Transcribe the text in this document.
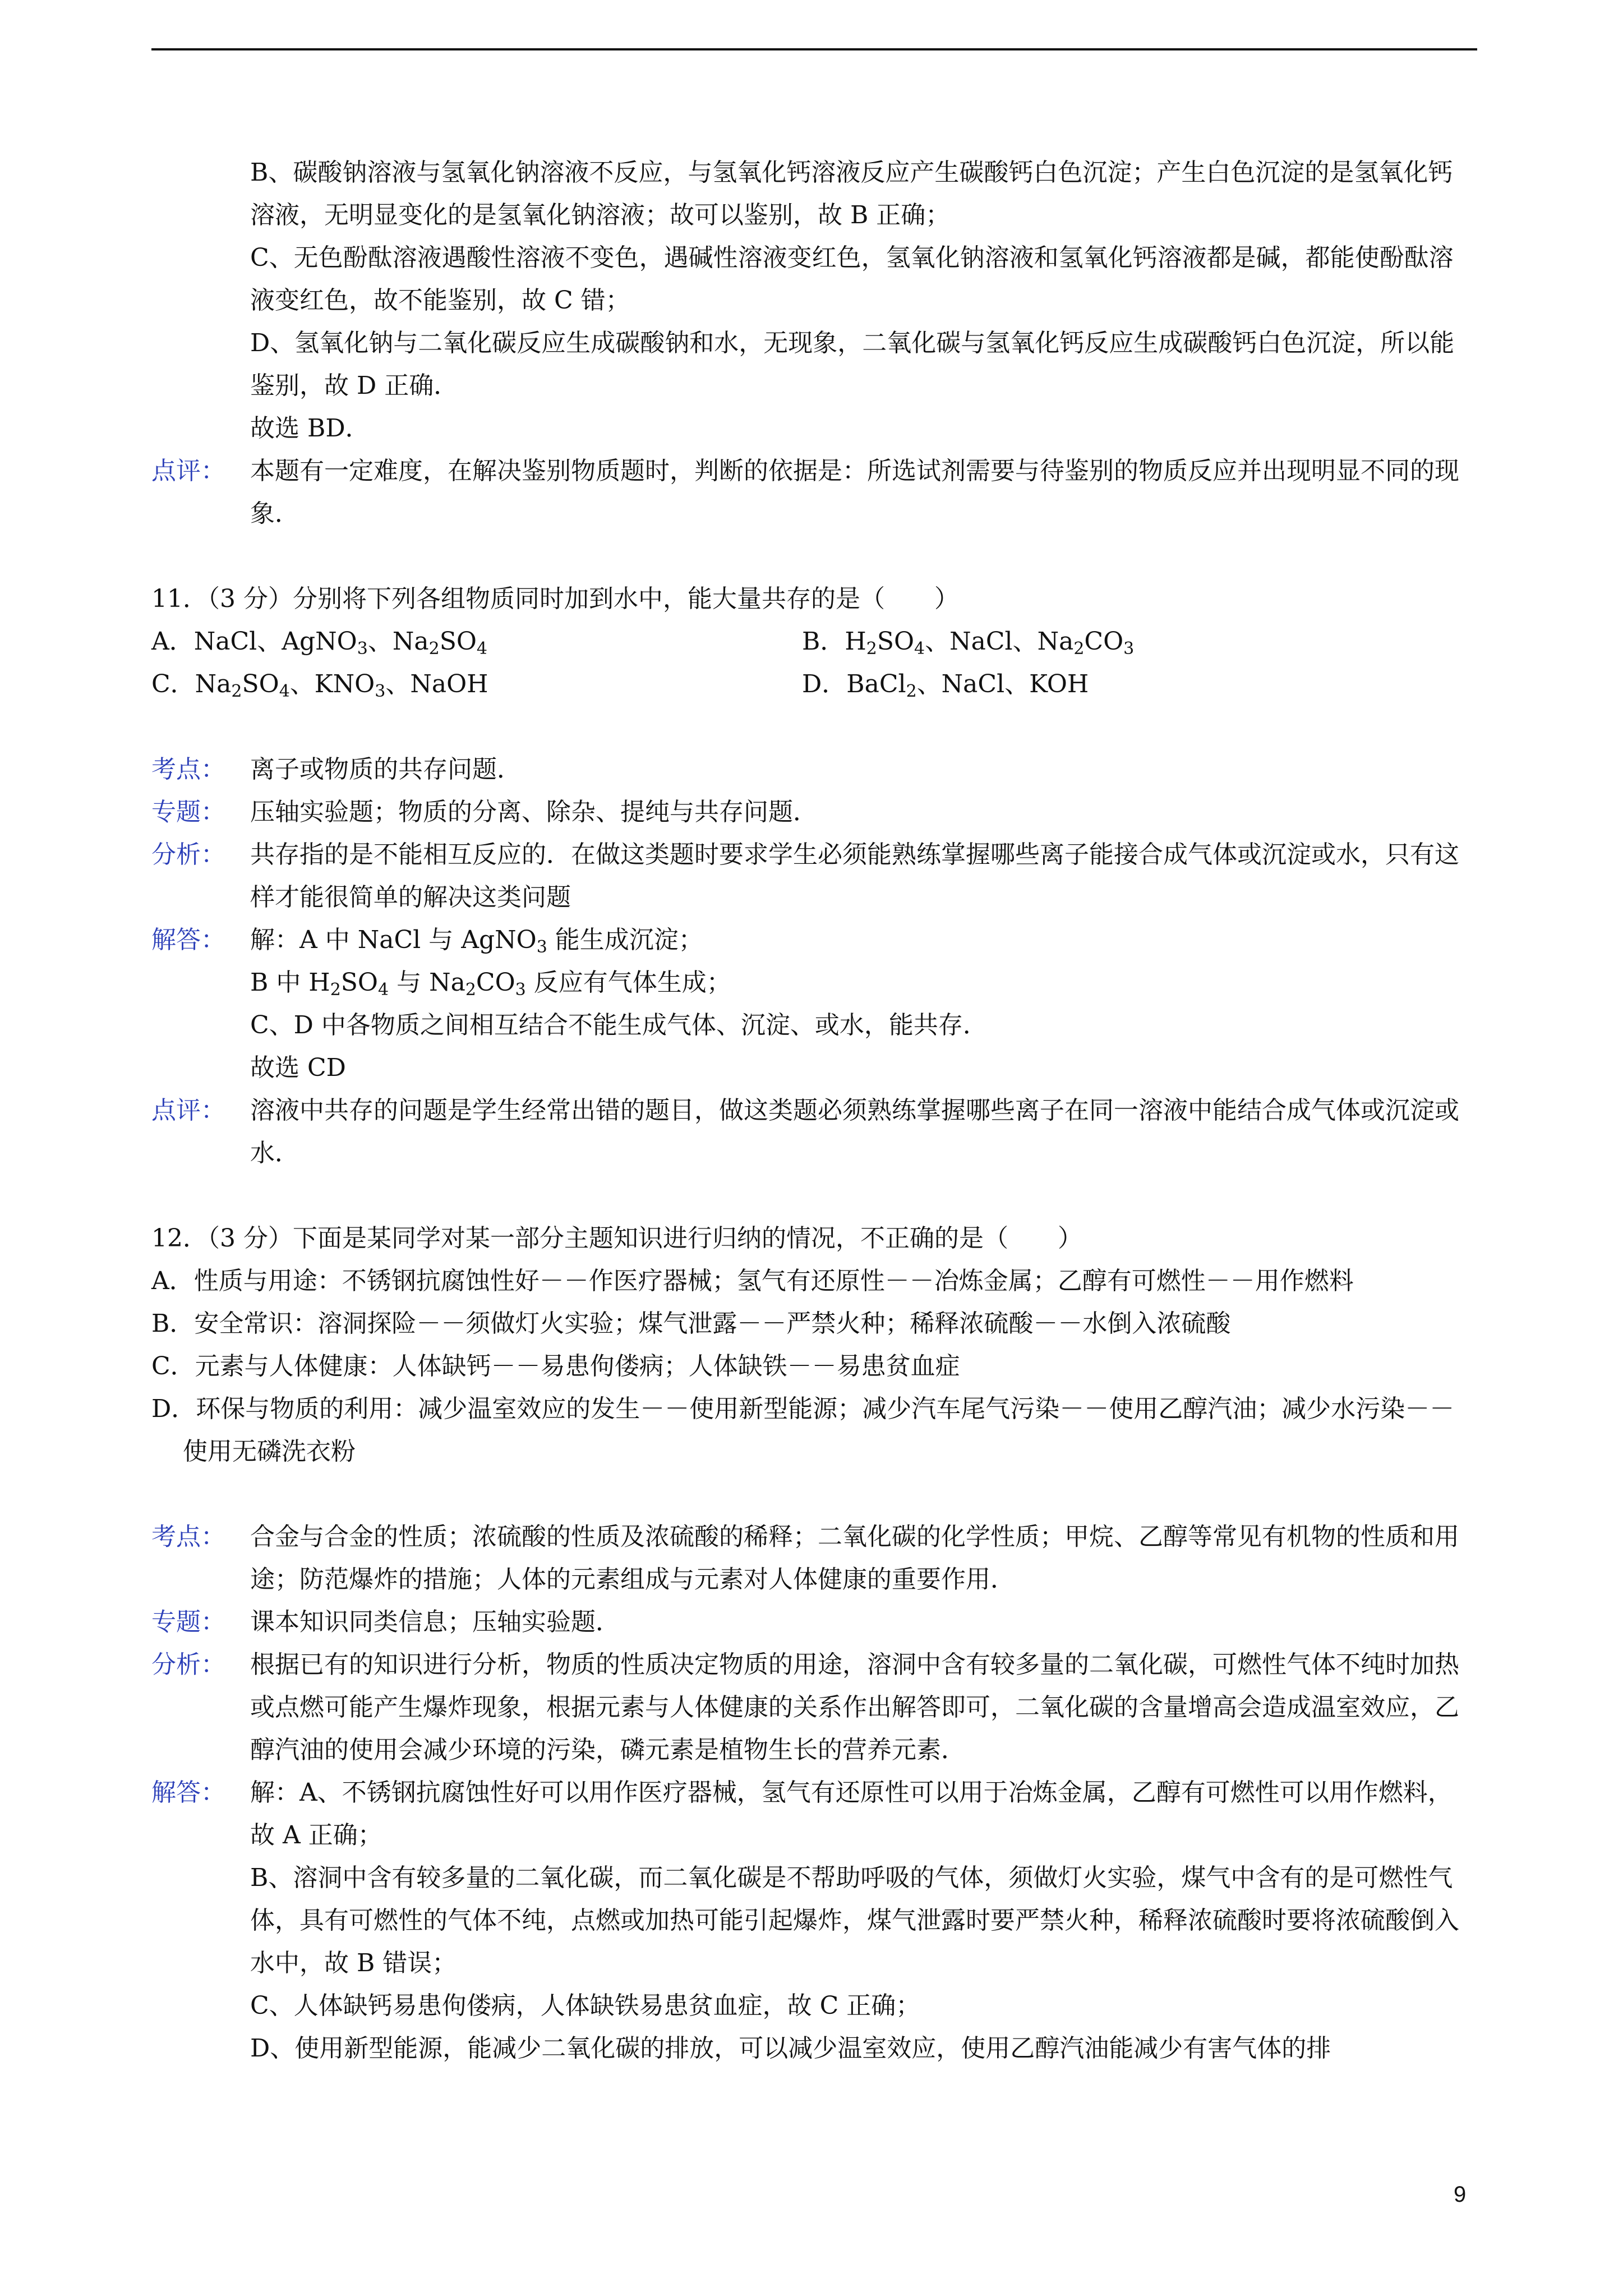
B、碳酸钠溶液与氢氧化钠溶液不反应，与氢氧化钙溶液反应产生碳酸钙白色沉淀；产生白色沉淀的是氢氧化钙溶液，无明显变化的是氢氧化钠溶液；故可以鉴别，故 B 正确；
C、无色酚酞溶液遇酸性溶液不变色，遇碱性溶液变红色，氢氧化钠溶液和氢氧化钙溶液都是碱，都能使酚酞溶液变红色，故不能鉴别，故 C 错；
D、氢氧化钠与二氧化碳反应生成碳酸钠和水，无现象，二氧化碳与氢氧化钙反应生成碳酸钙白色沉淀，所以能鉴别，故 D 正确．
故选 BD．
点评：	本题有一定难度，在解决鉴别物质题时，判断的依据是：所选试剂需要与待鉴别的物质反应并出现明显不同的现象．
11．（3 分）分别将下列各组物质同时加到水中，能大量共存的是（　　）
A．NaCl、AgNO$_3$、$Na_2SO_4$	B．$H_2SO_4$、NaCl、$Na_2CO_3$
C．$Na_2SO_4$、$KNO_3$、NaOH	D．BaCl$_2$、NaCl、KOH
考点：	离子或物质的共存问题．
专题：	压轴实验题；物质的分离、除杂、提纯与共存问题．
分析：	共存指的是不能相互反应的．在做这类题时要求学生必须能熟练掌握哪些离子能接合成气体或沉淀或水，只有这样才能很简单的解决这类问题
解答：	解：A 中 NaCl 与 AgNO$_3$ 能生成沉淀；
B 中 $H_2SO_4$ 与 $Na_2CO_3$ 反应有气体生成；
C、D 中各物质之间相互结合不能生成气体、沉淀、或水，能共存．
故选 CD
点评：	溶液中共存的问题是学生经常出错的题目，做这类题必须熟练掌握哪些离子在同一溶液中能结合成气体或沉淀或水．
12．（3 分）下面是某同学对某一部分主题知识进行归纳的情况，不正确的是（　　）
A．性质与用途：不锈钢抗腐蚀性好－－作医疗器械；氢气有还原性－－冶炼金属；乙醇有可燃性－－用作燃料
B．安全常识：溶洞探险－－须做灯火实验；煤气泄露－－严禁火种；稀释浓硫酸－－水倒入浓硫酸
C．元素与人体健康：人体缺钙－－易患佝偻病；人体缺铁－－易患贫血症
D．环保与物质的利用：减少温室效应的发生－－使用新型能源；减少汽车尾气污染－－使用乙醇汽油；减少水污染－－使用无磷洗衣粉
考点：	合金与合金的性质；浓硫酸的性质及浓硫酸的稀释；二氧化碳的化学性质；甲烷、乙醇等常见有机物的性质和用途；防范爆炸的措施；人体的元素组成与元素对人体健康的重要作用．
专题：	课本知识同类信息；压轴实验题．
分析：	根据已有的知识进行分析，物质的性质决定物质的用途，溶洞中含有较多量的二氧化碳，可燃性气体不纯时加热或点燃可能产生爆炸现象，根据元素与人体健康的关系作出解答即可，二氧化碳的含量增高会造成温室效应，乙醇汽油的使用会减少环境的污染，磷元素是植物生长的营养元素．
解答：	解：A、不锈钢抗腐蚀性好可以用作医疗器械，氢气有还原性可以用于冶炼金属，乙醇有可燃性可以用作燃料，故 A 正确；
B、溶洞中含有较多量的二氧化碳，而二氧化碳是不帮助呼吸的气体，须做灯火实验，煤气中含有的是可燃性气体，具有可燃性的气体不纯，点燃或加热可能引起爆炸，煤气泄露时要严禁火种，稀释浓硫酸时要将浓硫酸倒入水中，故 B 错误；
C、人体缺钙易患佝偻病，人体缺铁易患贫血症，故 C 正确；
D、使用新型能源，能减少二氧化碳的排放，可以减少温室效应，使用乙醇汽油能减少有害气体的排
9
